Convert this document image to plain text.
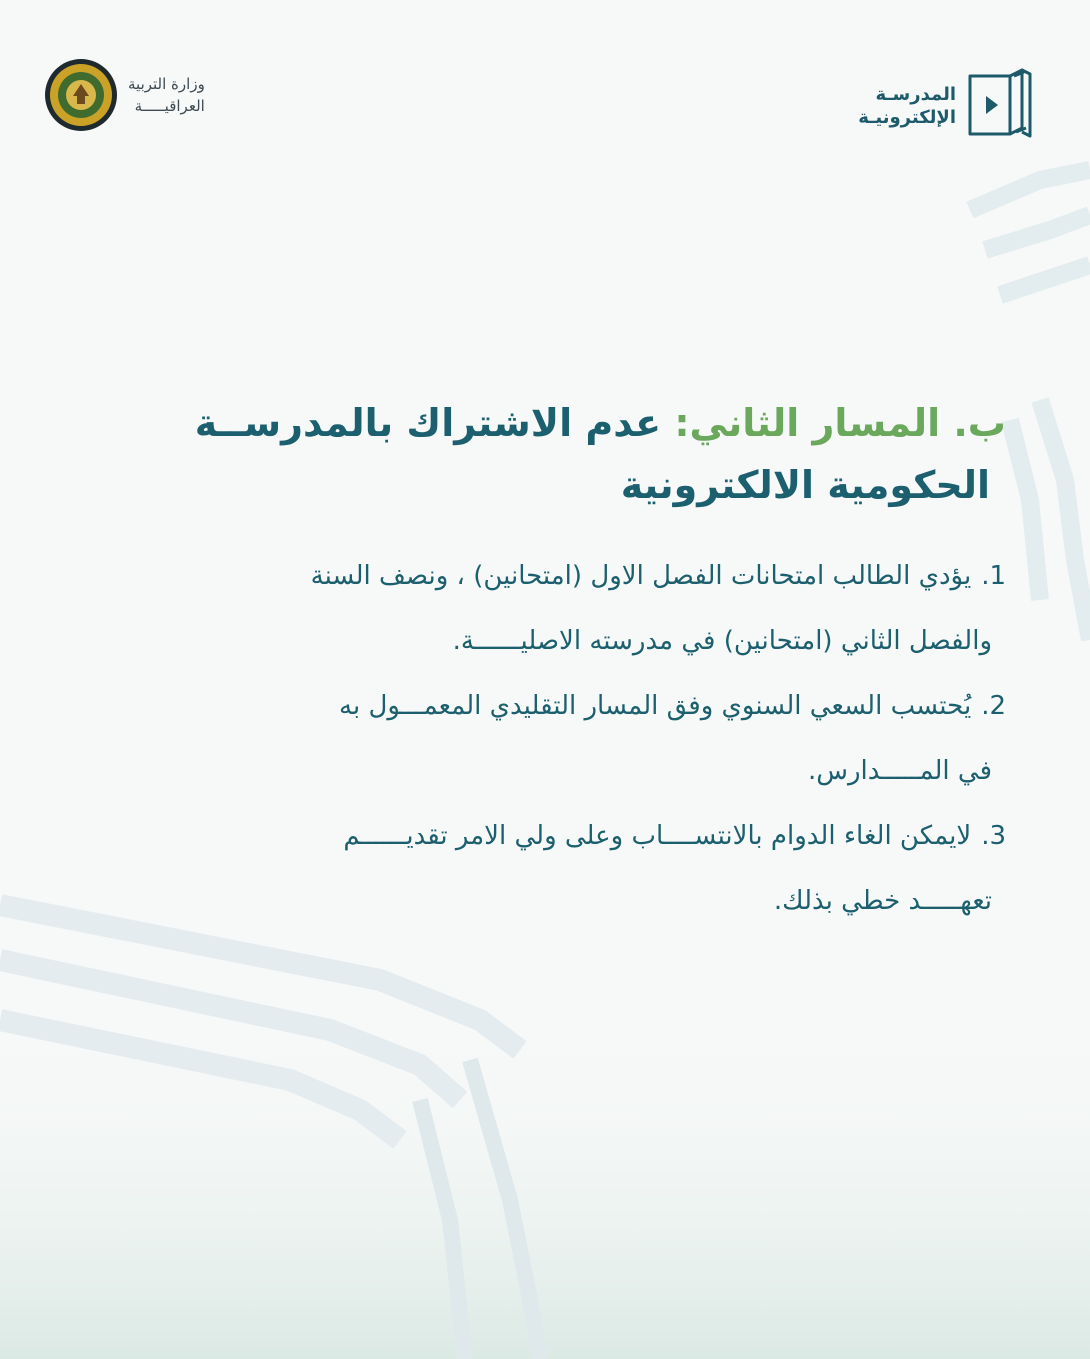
وزارة التربية
العراقيـــــة
المدرسـة
الإلكترونيـة
ب. المسار الثاني: عدم الاشتراك بالمدرســة
الحكومية الالكترونية
1.يؤدي الطالب امتحانات الفصل الاول (امتحانين) ، ونصف السنة
والفصل الثاني (امتحانين) في مدرسته الاصليــــــة.
2.يُحتسب السعي السنوي وفق المسار التقليدي المعمـــول به
في المـــــدارس.
3.لايمكن الغاء الدوام بالانتســــاب وعلى ولي الامر تقديــــــم
تعهـــــد خطي بذلك.
